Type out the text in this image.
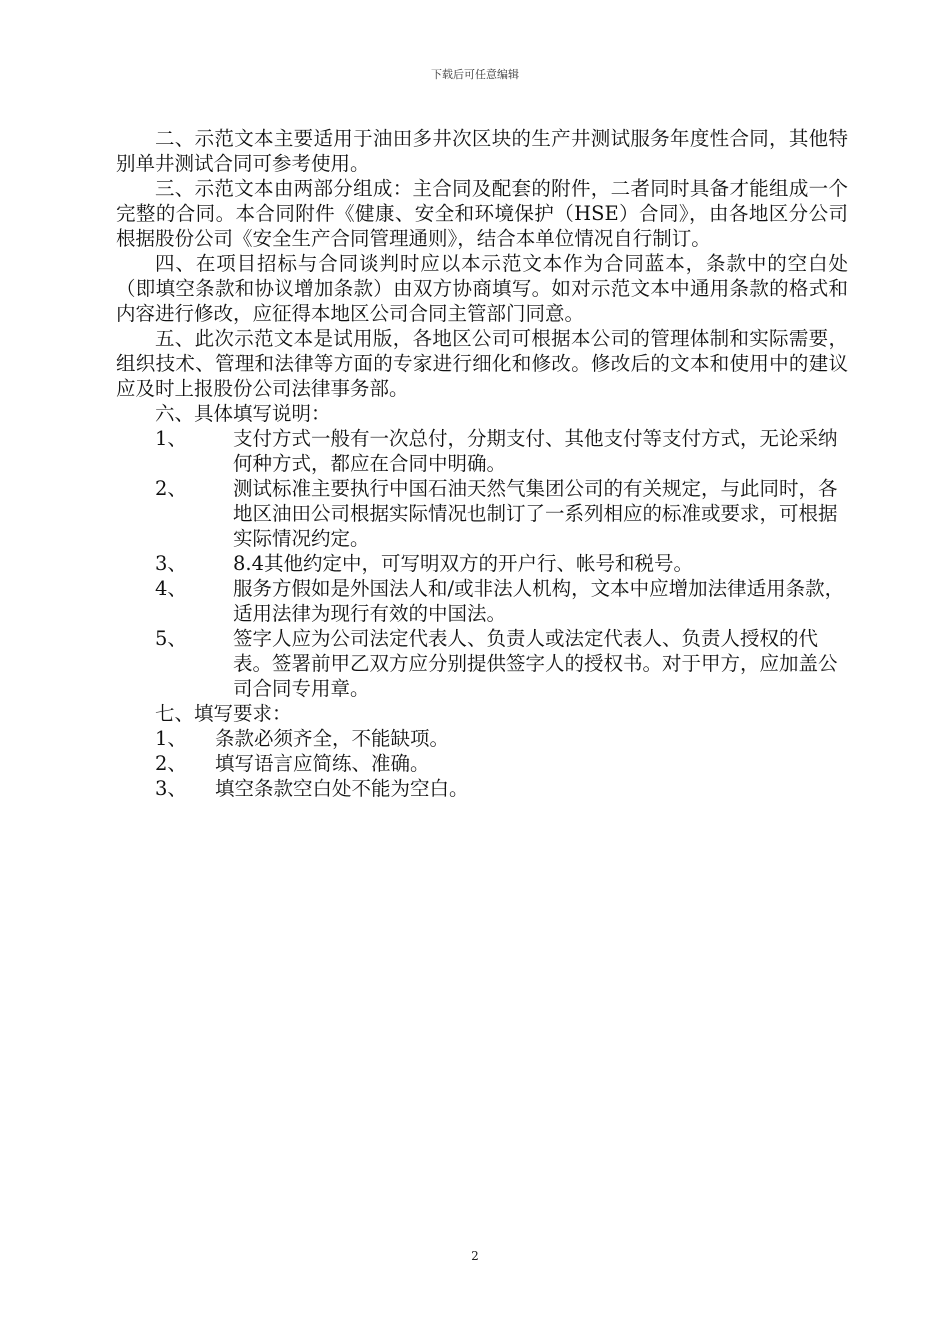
下载后可任意编辑

二、示范文本主要适用于油田多井次区块的生产井测试服务年度性合同，其他特别单井测试合同可参考使用。

三、示范文本由两部分组成：主合同及配套的附件，二者同时具备才能组成一个完整的合同。本合同附件《健康、安全和环境保护（HSE）合同》，由各地区分公司根据股份公司《安全生产合同管理通则》，结合本单位情况自行制订。

四、在项目招标与合同谈判时应以本示范文本作为合同蓝本，条款中的空白处（即填空条款和协议增加条款）由双方协商填写。如对示范文本中通用条款的格式和内容进行修改，应征得本地区公司合同主管部门同意。

五、此次示范文本是试用版，各地区公司可根据本公司的管理体制和实际需要，组织技术、管理和法律等方面的专家进行细化和修改。修改后的文本和使用中的建议应及时上报股份公司法律事务部。

六、具体填写说明：

1、	支付方式一般有一次总付，分期支付、其他支付等支付方式，无论采纳何种方式，都应在合同中明确。
2、	测试标准主要执行中国石油天然气集团公司的有关规定，与此同时，各地区油田公司根据实际情况也制订了一系列相应的标准或要求，可根据实际情况约定。
3、	8.4其他约定中，可写明双方的开户行、帐号和税号。
4、	服务方假如是外国法人和/或非法人机构，文本中应增加法律适用条款，适用法律为现行有效的中国法。
5、	签字人应为公司法定代表人、负责人或法定代表人、负责人授权的代表。签署前甲乙双方应分别提供签字人的授权书。对于甲方，应加盖公司合同专用章。

七、填写要求：

1、	条款必须齐全，不能缺项。
2、	填写语言应简练、准确。
3、	填空条款空白处不能为空白。
2
